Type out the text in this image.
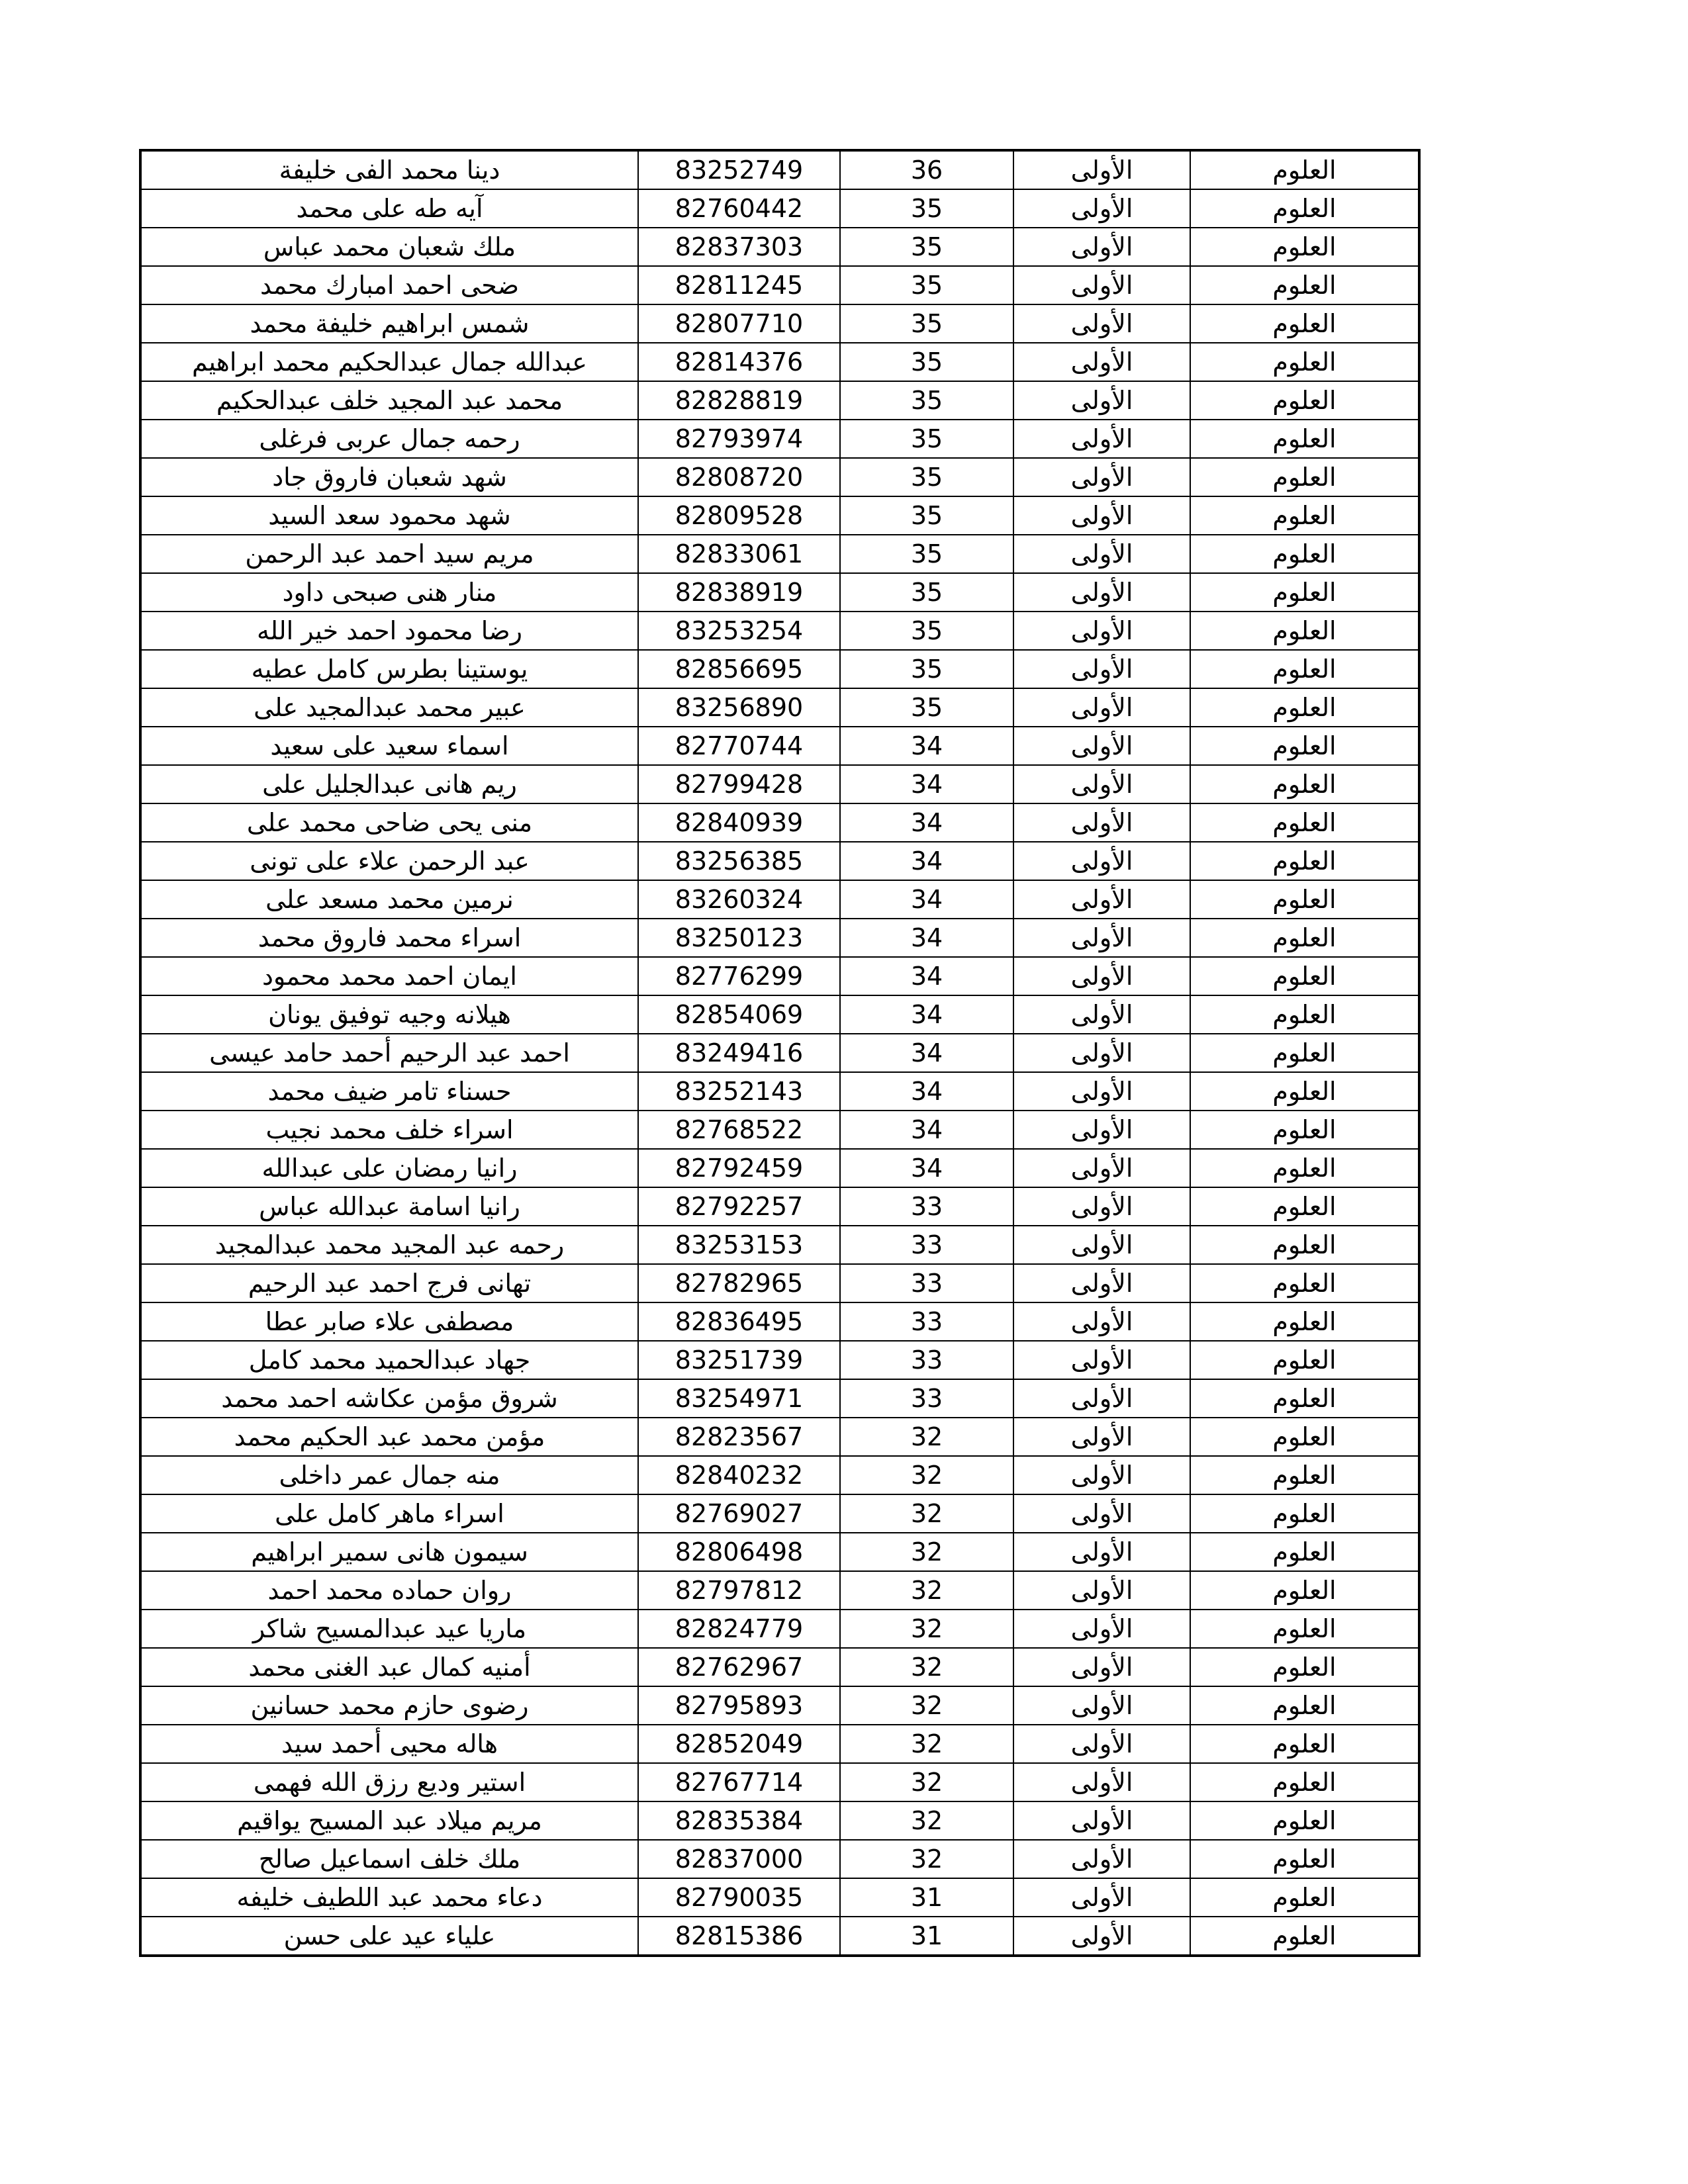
دينا محمد الفى خليفة	83252749	36	الأولى	العلوم
آيه طه على محمد	82760442	35	الأولى	العلوم
ملك شعبان محمد عباس	82837303	35	الأولى	العلوم
ضحى احمد امبارك محمد	82811245	35	الأولى	العلوم
شمس ابراهيم خليفة محمد	82807710	35	الأولى	العلوم
عبدالله جمال عبدالحكيم محمد ابراهيم	82814376	35	الأولى	العلوم
محمد عبد المجيد خلف عبدالحكيم	82828819	35	الأولى	العلوم
رحمه جمال عربى فرغلى	82793974	35	الأولى	العلوم
شهد شعبان فاروق جاد	82808720	35	الأولى	العلوم
شهد محمود سعد السيد	82809528	35	الأولى	العلوم
مريم سيد احمد عبد الرحمن	82833061	35	الأولى	العلوم
منار هنى صبحى داود	82838919	35	الأولى	العلوم
رضا محمود احمد خير الله	83253254	35	الأولى	العلوم
يوستينا بطرس كامل عطيه	82856695	35	الأولى	العلوم
عبير محمد عبدالمجيد على	83256890	35	الأولى	العلوم
اسماء سعيد على سعيد	82770744	34	الأولى	العلوم
ريم هانى عبدالجليل على	82799428	34	الأولى	العلوم
منى يحى ضاحى محمد على	82840939	34	الأولى	العلوم
عبد الرحمن علاء على تونى	83256385	34	الأولى	العلوم
نرمين محمد مسعد على	83260324	34	الأولى	العلوم
اسراء محمد فاروق محمد	83250123	34	الأولى	العلوم
ايمان احمد محمد محمود	82776299	34	الأولى	العلوم
هيلانه وجيه توفيق يونان	82854069	34	الأولى	العلوم
احمد عبد الرحيم أحمد حامد عيسى	83249416	34	الأولى	العلوم
حسناء تامر ضيف محمد	83252143	34	الأولى	العلوم
اسراء خلف محمد نجيب	82768522	34	الأولى	العلوم
رانيا رمضان على عبدالله	82792459	34	الأولى	العلوم
رانيا اسامة عبدالله عباس	82792257	33	الأولى	العلوم
رحمه عبد المجيد محمد عبدالمجيد	83253153	33	الأولى	العلوم
تهانى فرج احمد عبد الرحيم	82782965	33	الأولى	العلوم
مصطفى علاء صابر عطا	82836495	33	الأولى	العلوم
جهاد عبدالحميد محمد كامل	83251739	33	الأولى	العلوم
شروق مؤمن عكاشه احمد محمد	83254971	33	الأولى	العلوم
مؤمن محمد عبد الحكيم محمد	82823567	32	الأولى	العلوم
منه جمال عمر داخلى	82840232	32	الأولى	العلوم
اسراء ماهر كامل على	82769027	32	الأولى	العلوم
سيمون هانى سمير ابراهيم	82806498	32	الأولى	العلوم
روان حماده محمد احمد	82797812	32	الأولى	العلوم
ماريا عيد عبدالمسيح شاكر	82824779	32	الأولى	العلوم
أمنيه كمال عبد الغنى محمد	82762967	32	الأولى	العلوم
رضوى حازم محمد حسانين	82795893	32	الأولى	العلوم
هاله محيى أحمد سيد	82852049	32	الأولى	العلوم
استير وديع رزق الله فهمى	82767714	32	الأولى	العلوم
مريم ميلاد عبد المسيح يواقيم	82835384	32	الأولى	العلوم
ملك خلف اسماعيل صالح	82837000	32	الأولى	العلوم
دعاء محمد عبد اللطيف خليفه	82790035	31	الأولى	العلوم
علياء عيد على حسن	82815386	31	الأولى	العلوم
